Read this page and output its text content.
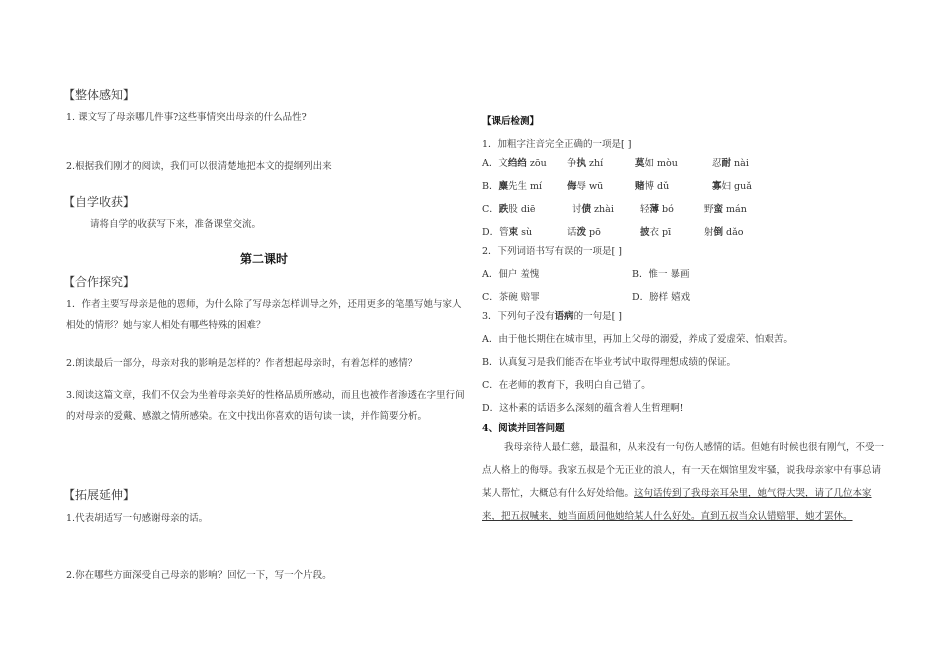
【整体感知】
1. 课文写了母亲哪几件事?这些事情突出母亲的什么品性?
2.根据我们刚才的阅读，我们可以很清楚地把本文的提纲列出来
【自学收获】
请将自学的收获写下来，准备课堂交流。
第二课时
【合作探究】
1．作者主要写母亲是他的恩师，为什么除了写母亲怎样训导之外，还用更多的笔墨写她与家人相处的情形？她与家人相处有哪些特殊的困难？
2.朗读最后一部分，母亲对我的影响是怎样的？作者想起母亲时，有着怎样的感情？
3.阅读这篇文章，我们不仅会为坐着母亲美好的性格品质所感动，而且也被作者渗透在字里行间的对母亲的爱戴、感激之情所感染。在文中找出你喜欢的语句读一读，并作简要分析。
【拓展延伸】
1.代表胡适写一句感谢母亲的话。
2.你在哪些方面深受自己母亲的影响？回忆一下，写一个片段。
【课后检测】
1．加粗字注音完全正确的一项是[ ]
A．文绉绉 zōu 争执 zhí	莫如 mòu	忍耐 nài
B．麋先生 mí	侮辱 wū	赌博 dǔ	寡妇 guǎ
C．跌股 diē	讨债 zhài	轻薄 bó	野蛮 mán
D．管束 sù	话泼 pō	披衣 pī	射倒 dǎo
2．下列词语书写有误的一项是[ ]
A．佃户 羞愧	B．惟一 暴画
C．茶碗 赔罪	D．膀样 嬉戏
3．下列句子没有语病的一句是[ ]
A．由于他长期住在城市里，再加上父母的溺爱，养成了爱虚荣、怕艰苦。
B．认真复习是我们能否在毕业考试中取得理想成绩的保证。
C．在老师的教育下，我明白自己错了。
D．这朴素的话语多么深刻的蕴含着人生哲理啊!
4、阅读并回答问题
我母亲待人最仁慈，最温和，从来没有一句伤人感情的话。但她有时候也很有刚气，不受一点人格上的侮辱。我家五叔是个无正业的浪人，有一天在烟馆里发牢骚，说我母亲家中有事总请某人帮忙，大概总有什么好处给他。这句话传到了我母亲耳朵里，她气得大哭，请了几位本家来，把五叔喊来，她当面质问他她给某人什么好处。直到五叔当众认错赔罪，她才罢休。
